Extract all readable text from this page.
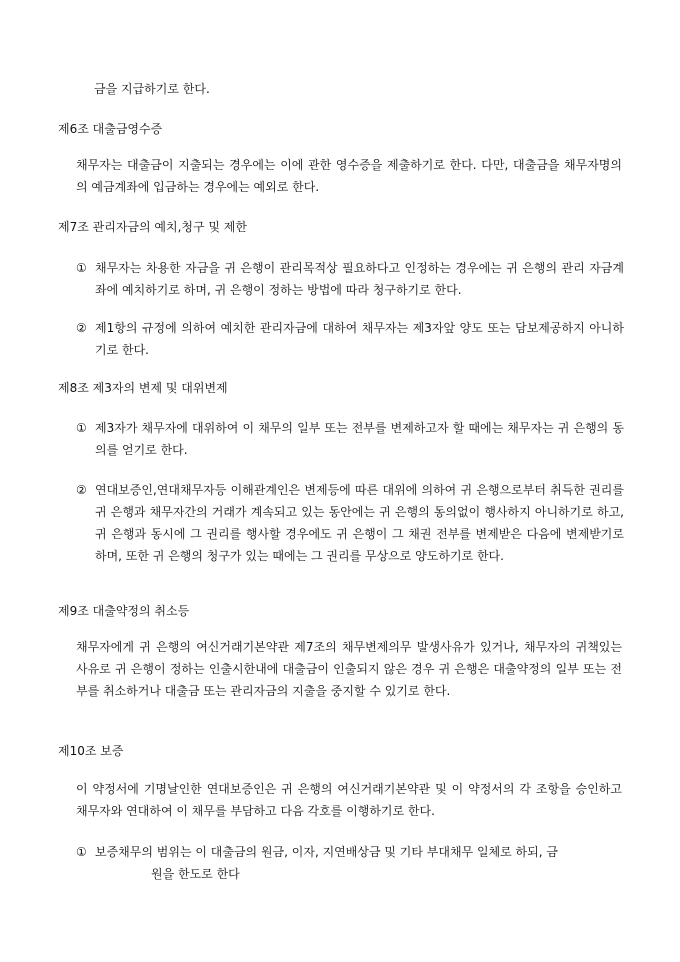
금을 지급하기로 한다.
제6조 대출금영수증
채무자는 대출금이 지출되는 경우에는 이에 관한 영수증을 제출하기로 한다. 다만, 대출금을 채무자명의의 예금계좌에 입금하는 경우에는 예외로 한다.
제7조 관리자금의 예치,청구 및 제한
① 채무자는 차용한 자금을 귀 은행이 관리목적상 필요하다고 인정하는 경우에는 귀 은행의 관리 자금계좌에 예치하기로 하며, 귀 은행이 정하는 방법에 따라 청구하기로 한다.
② 제1항의 규정에 의하여 예치한 관리자금에 대하여 채무자는 제3자앞 양도 또는 담보제공하지 아니하기로 한다.
제8조 제3자의 변제 및 대위변제
① 제3자가 채무자에 대위하여 이 채무의 일부 또는 전부를 변제하고자 할 때에는 채무자는 귀 은행의 동의를 얻기로 한다.
② 연대보증인,연대채무자등 이해관계인은 변제등에 따른 대위에 의하여 귀 은행으로부터 취득한 권리를 귀 은행과 채무자간의 거래가 계속되고 있는 동안에는 귀 은행의 동의없이 행사하지 아니하기로 하고, 귀 은행과 동시에 그 권리를 행사할 경우에도 귀 은행이 그 채권 전부를 변제받은 다음에 변제받기로 하며, 또한 귀 은행의 청구가 있는 때에는 그 권리를 무상으로 양도하기로 한다.
제9조 대출약정의 취소등
채무자에게 귀 은행의 여신거래기본약관 제7조의 채무변제의무 발생사유가 있거나, 채무자의 귀책있는 사유로 귀 은행이 정하는 인출시한내에 대출금이 인출되지 않은 경우 귀 은행은 대출약정의 일부 또는 전부를 취소하거나 대출금 또는 관리자금의 지출을 중지할 수 있기로 한다.
제10조 보증
이 약정서에 기명날인한 연대보증인은 귀 은행의 여신거래기본약관 및 이 약정서의 각 조항을 승인하고 채무자와 연대하여 이 채무를 부담하고 다음 각호를 이행하기로 한다.
① 보증채무의 범위는 이 대출금의 원금, 이자, 지연배상금 및 기타 부대채무 일체로 하되, 금
원을 한도로 한다
